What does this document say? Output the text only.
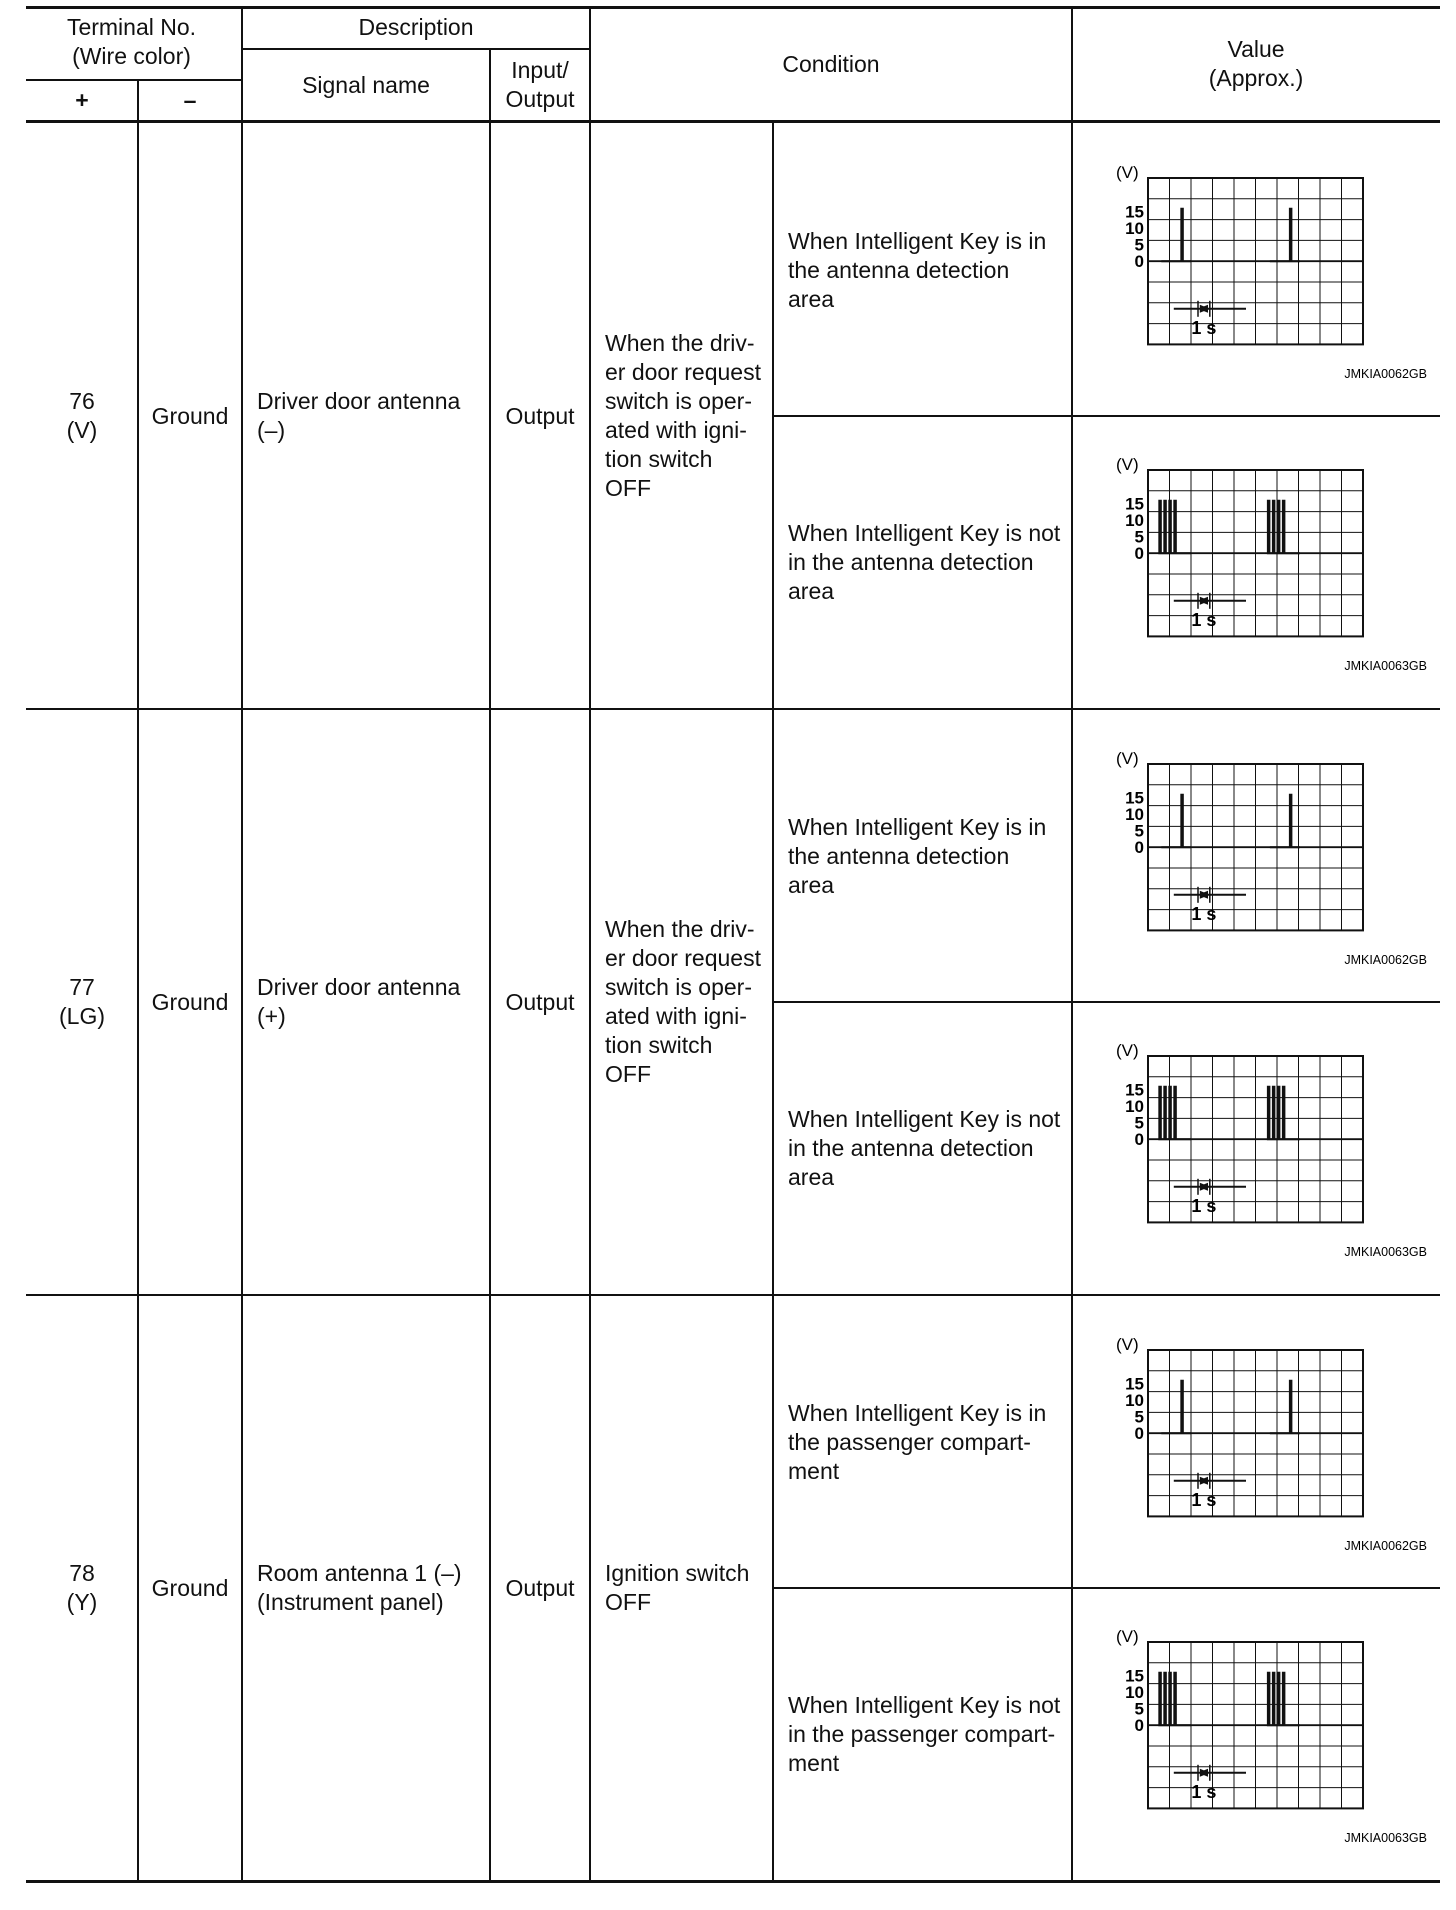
Terminal No.
(Wire color)
+	–
Description
Signal name
Input/
Output
Condition
Value
(Approx.)
76
(V)
Ground
Driver door antenna
(–)
Output
When the driv-
er door request
switch is oper-
ated with igni-
tion switch
OFF
When Intelligent Key is in
the antenna detection
area
When Intelligent Key is not
in the antenna detection
area
77
(LG)
Ground
Driver door antenna
(+)
Output
When the driv-
er door request
switch is oper-
ated with igni-
tion switch
OFF
When Intelligent Key is in
the antenna detection
area
When Intelligent Key is not
in the antenna detection
area
78
(Y)
Ground
Room antenna 1 (–)
(Instrument panel)
Output
Ignition switch
OFF
When Intelligent Key is in
the passenger compart-
ment
When Intelligent Key is not
in the passenger compart-
ment
(V)
15
10
5
0
1 s
JMKIA0062GB
(V)
15
10
5
0
1 s
JMKIA0063GB
(V)
15
10
5
0
1 s
JMKIA0062GB
(V)
15
10
5
0
1 s
JMKIA0063GB
(V)
15
10
5
0
1 s
JMKIA0062GB
(V)
15
10
5
0
1 s
JMKIA0063GB
